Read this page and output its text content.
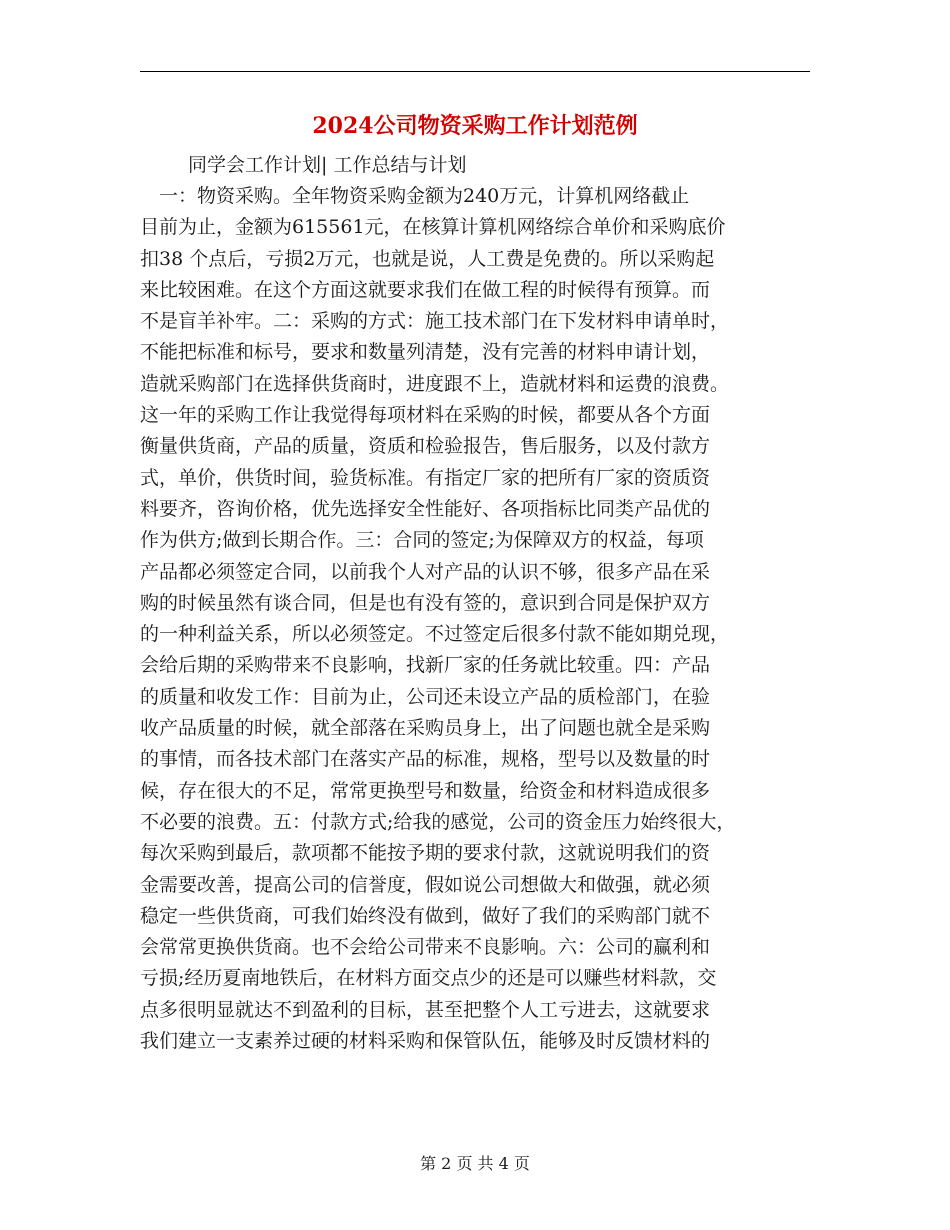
2024公司物资采购工作计划范例
同学会工作计划| 工作总结与计划
　一：物资采购。全年物资采购金额为240万元，计算机网络截止
目前为止，金额为615561元，在核算计算机网络综合单价和采购底价
扣38 个点后，亏损2万元，也就是说，人工费是免费的。所以采购起
来比较困难。在这个方面这就要求我们在做工程的时候得有预算。而
不是盲羊补牢。二：采购的方式：施工技术部门在下发材料申请单时，
不能把标准和标号，要求和数量列清楚，没有完善的材料申请计划，
造就采购部门在选择供货商时，进度跟不上，造就材料和运费的浪费。
这一年的采购工作让我觉得每项材料在采购的时候，都要从各个方面
衡量供货商，产品的质量，资质和检验报告，售后服务，以及付款方
式，单价，供货时间，验货标准。有指定厂家的把所有厂家的资质资
料要齐，咨询价格，优先选择安全性能好、各项指标比同类产品优的
作为供方;做到长期合作。三：合同的签定;为保障双方的权益，每项
产品都必须签定合同，以前我个人对产品的认识不够，很多产品在采
购的时候虽然有谈合同，但是也有没有签的，意识到合同是保护双方
的一种利益关系，所以必须签定。不过签定后很多付款不能如期兑现，
会给后期的采购带来不良影响，找新厂家的任务就比较重。四：产品
的质量和收发工作：目前为止，公司还未设立产品的质检部门，在验
收产品质量的时候，就全部落在采购员身上，出了问题也就全是采购
的事情，而各技术部门在落实产品的标准，规格，型号以及数量的时
候，存在很大的不足，常常更换型号和数量，给资金和材料造成很多
不必要的浪费。五：付款方式;给我的感觉，公司的资金压力始终很大，
每次采购到最后，款项都不能按予期的要求付款，这就说明我们的资
金需要改善，提高公司的信誉度，假如说公司想做大和做强，就必须
稳定一些供货商，可我们始终没有做到，做好了我们的采购部门就不
会常常更换供货商。也不会给公司带来不良影响。六：公司的赢利和
亏损;经历夏南地铁后，在材料方面交点少的还是可以赚些材料款，交
点多很明显就达不到盈利的目标，甚至把整个人工亏进去，这就要求
我们建立一支素养过硬的材料采购和保管队伍，能够及时反馈材料的
第 2 页 共 4 页
